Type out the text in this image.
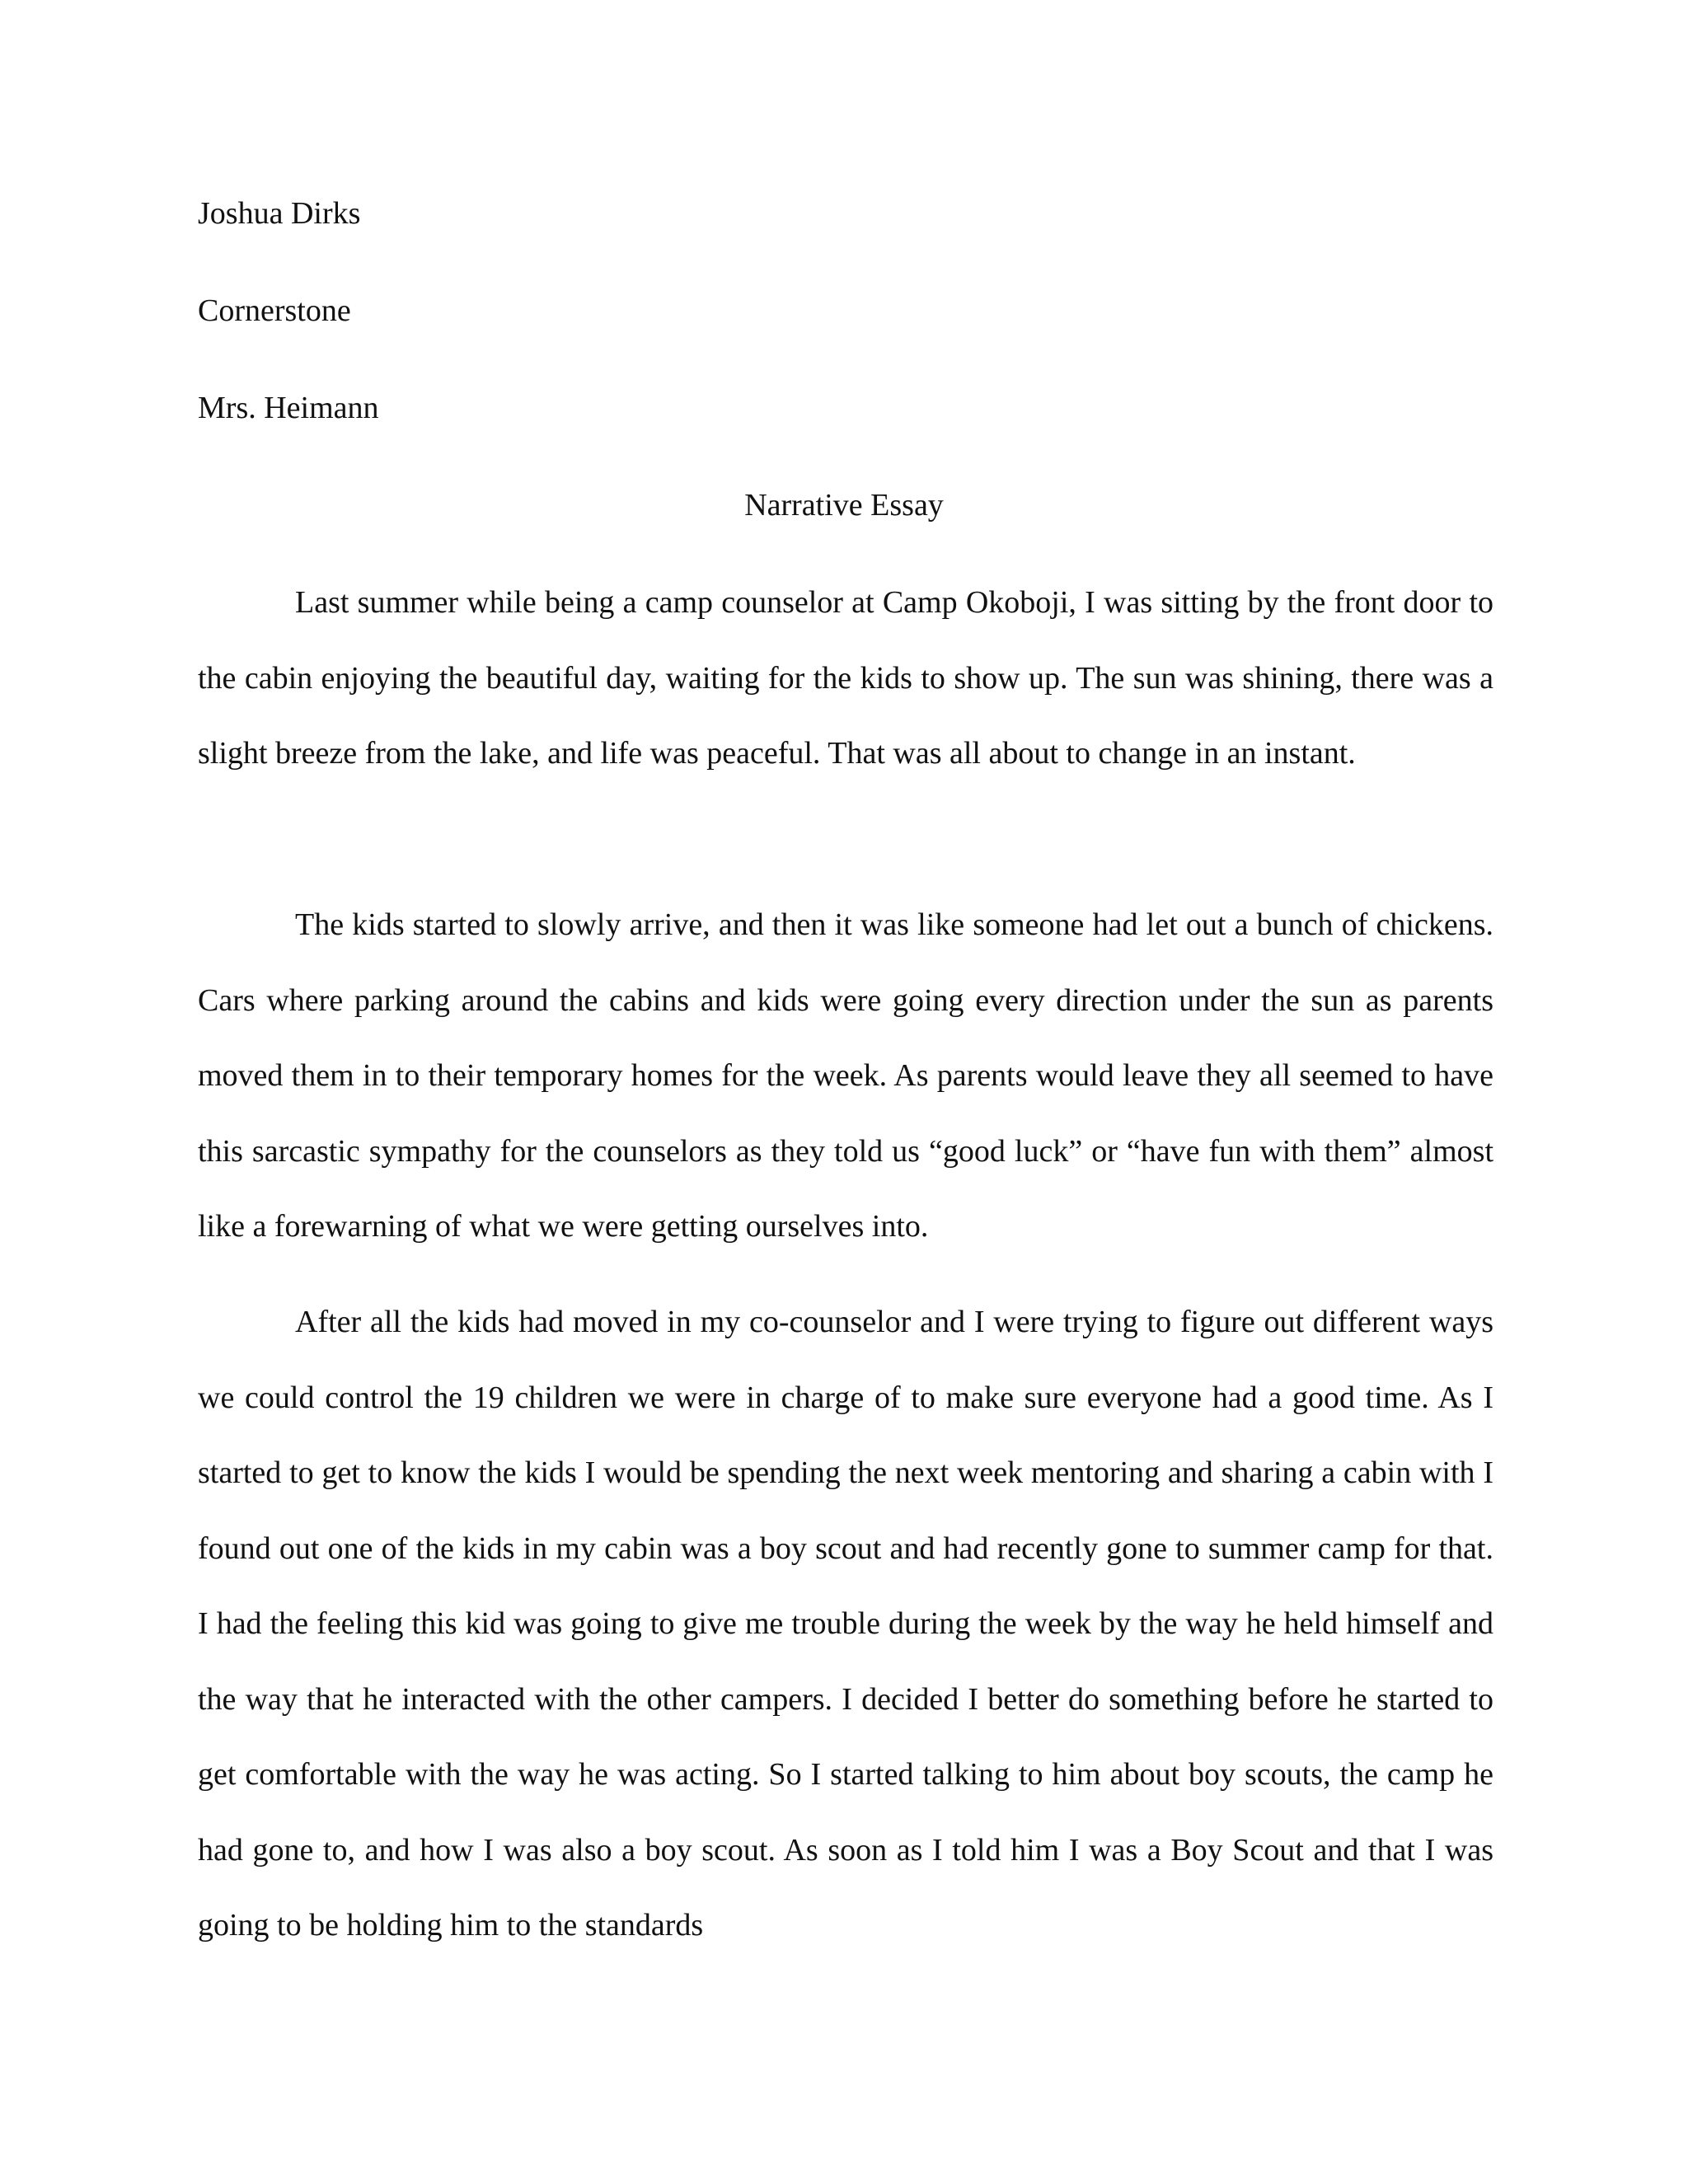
Joshua Dirks
Cornerstone
Mrs. Heimann
Narrative Essay

Last summer while being a camp counselor at Camp Okoboji, I was sitting by the front door to the cabin enjoying the beautiful day, waiting for the kids to show up. The sun was shining, there was a slight breeze from the lake, and life was peaceful. That was all about to change in an instant.

The kids started to slowly arrive, and then it was like someone had let out a bunch of chickens. Cars where parking around the cabins and kids were going every direction under the sun as parents moved them in to their temporary homes for the week. As parents would leave they all seemed to have this sarcastic sympathy for the counselors as they told us “good luck” or “have fun with them” almost like a forewarning of what we were getting ourselves into.

After all the kids had moved in my co-counselor and I were trying to figure out different ways we could control the 19 children we were in charge of to make sure everyone had a good time. As I started to get to know the kids I would be spending the next week mentoring and sharing a cabin with I found out one of the kids in my cabin was a boy scout and had recently gone to summer camp for that. I had the feeling this kid was going to give me trouble during the week by the way he held himself and the way that he interacted with the other campers. I decided I better do something before he started to get comfortable with the way he was acting. So I started talking to him about boy scouts, the camp he had gone to, and how I was also a boy scout. As soon as I told him I was a Boy Scout and that I was going to be holding him to the standards
